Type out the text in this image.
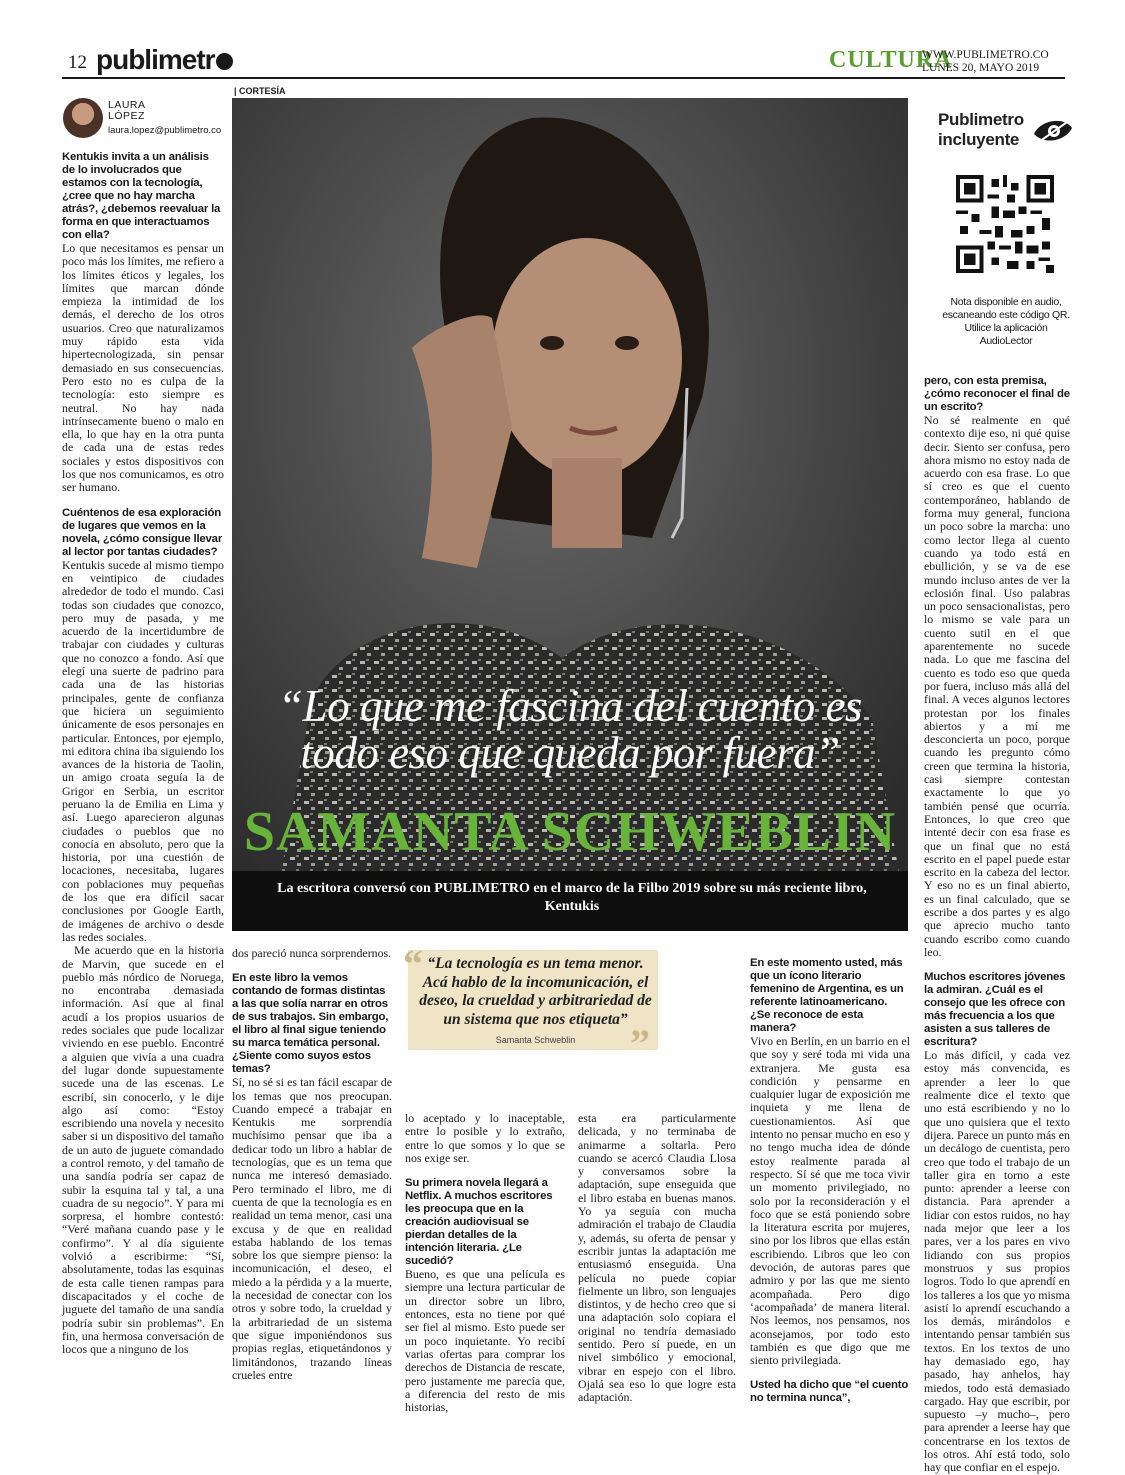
12 publimetr	CULTURA
WWW.PUBLIMETRO.CO
LUNES 20, MAYO 2019
LAURA
LÓPEZ
laura.lopez@publimetro.co

Kentukis invita a un análisis de lo involucrados que estamos con la tecnología, ¿cree que no hay marcha atrás?, ¿debemos reevaluar la forma en que interactuamos con ella?

Lo que necesitamos es pensar un poco más los límites, me refiero a los límites éticos y legales, los límites que marcan dónde empieza la intimidad de los demás, el derecho de los otros usuarios. Creo que naturalizamos muy rápido esta vida hipertecnologizada, sin pensar demasiado en sus consecuencias. Pero esto no es culpa de la tecnología: esto siempre es neutral. No hay nada intrínsecamente bueno o malo en ella, lo que hay en la otra punta de cada una de estas redes sociales y estos dispositivos con los que nos comunicamos, es otro ser humano.

Cuéntenos de esa exploración de lugares que vemos en la novela, ¿cómo consigue llevar al lector por tantas ciudades?

Kentukis sucede al mismo tiempo en veintipico de ciudades alrededor de todo el mundo. Casi todas son ciudades que conozco, pero muy de pasada, y me acuerdo de la incertidumbre de trabajar con ciudades y culturas que no conozco a fondo. Así que elegí una suerte de padrino para cada una de las historias principales, gente de confianza que hiciera un seguimiento únicamente de esos personajes en particular. Entonces, por ejemplo, mi editora china iba siguiendo los avances de la historia de Taolin, un amigo croata seguía la de Grigor en Serbia, un escritor peruano la de Emilia en Lima y así. Luego aparecieron algunas ciudades o pueblos que no conocía en absoluto, pero que la historia, por una cuestión de locaciones, necesitaba, lugares con poblaciones muy pequeñas de los que era difícil sacar conclusiones por Google Earth, de imágenes de archivo o desde las redes sociales.

Me acuerdo que en la historia de Marvin, que sucede en el pueblo más nórdico de Noruega, no encontraba demasiada información. Así que al final acudí a los propios usuarios de redes sociales que pude localizar viviendo en ese pueblo. Encontré a alguien que vivía a una cuadra del lugar donde supuestamente sucede una de las escenas. Le escribí, sin conocerlo, y le dije algo así como: “Estoy escribiendo una novela y necesito saber si un dispositivo del tamaño de un auto de juguete comandado a control remoto, y del tamaño de una sandía podría ser capaz de subir la esquina tal y tal, a una cuadra de su negocio”. Y para mi sorpresa, el hombre contestó: “Veré mañana cuando pase y le confirmo”. Y al día siguiente volvió a escribirme: “Sí, absolutamente, todas las esquinas de esta calle tienen rampas para discapacitados y el coche de juguete del tamaño de una sandía podría subir sin problemas”. En fin, una hermosa conversación de locos que a ninguno de los

| CORTESÍA
“Lo que me fascina del cuento es todo eso que queda por fuera”
SAMANTA SCHWEBLIN
La escritora conversó con PUBLIMETRO en el marco de la Filbo 2019 sobre su más reciente libro, Kentukis
Publimetro
incluyente
Nota disponible en audio, escaneando este código QR. Utilice la aplicación AudioLector

pero, con esta premisa, ¿cómo reconocer el final de un escrito?

No sé realmente en qué contexto dije eso, ni qué quise decir. Siento ser confusa, pero ahora mismo no estoy nada de acuerdo con esa frase. Lo que sí creo es que el cuento contemporáneo, hablando de forma muy general, funciona un poco sobre la marcha: uno como lector llega al cuento cuando ya todo está en ebullición, y se va de ese mundo incluso antes de ver la eclosión final. Uso palabras un poco sensacionalistas, pero lo mismo se vale para un cuento sutil en el que aparentemente no sucede nada. Lo que me fascina del cuento es todo eso que queda por fuera, incluso más allá del final. A veces algunos lectores protestan por los finales abiertos y a mí me desconcierta un poco, porque cuando les pregunto cómo creen que termina la historia, casi siempre contestan exactamente lo que yo también pensé que ocurría. Entonces, lo que creo que intenté decir con esa frase es que un final que no está escrito en el papel puede estar escrito en la cabeza del lector. Y eso no es un final abierto, es un final calculado, que se escribe a dos partes y es algo que aprecio mucho tanto cuando escribo como cuando leo.

Muchos escritores jóvenes la admiran. ¿Cuál es el consejo que les ofrece con más frecuencia a los que asisten a sus talleres de escritura?

Lo más difícil, y cada vez estoy más convencida, es aprender a leer lo que realmente dice el texto que uno está escribiendo y no lo que uno quisiera que el texto dijera. Parece un punto más en un decálogo de cuentista, pero creo que todo el trabajo de un taller gira en torno a este punto: aprender a leerse con distancia. Para aprender a lidiar con estos ruidos, no hay nada mejor que leer a los pares, ver a los pares en vivo lidiando con sus propios monstruos y sus propios logros. Todo lo que aprendí en los talleres a los que yo misma asistí lo aprendí escuchando a los demás, mirándolos e intentando pensar también sus textos. En los textos de uno hay demasiado ego, hay pasado, hay anhelos, hay miedos, todo está demasiado cargado. Hay que escribir, por supuesto –y mucho–, pero para aprender a leerse hay que concentrarse en los textos de los otros. Ahí está todo, solo hay que confiar en el espejo.

dos pareció nunca sorprendernos.

En este libro la vemos contando de formas distintas a las que solía narrar en otros de sus trabajos. Sin embargo, el libro al final sigue teniendo su marca temática personal. ¿Siente como suyos estos temas?

Sí, no sé si es tan fácil escapar de los temas que nos preocupan. Cuando empecé a trabajar en Kentukis me sorprendía muchísimo pensar que iba a dedicar todo un libro a hablar de tecnologías, que es un tema que nunca me interesó demasiado. Pero terminado el libro, me di cuenta de que la tecnología es en realidad un tema menor, casi una excusa y de que en realidad estaba hablando de los temas sobre los que siempre pienso: la incomunicación, el deseo, el miedo a la pérdida y a la muerte, la necesidad de conectar con los otros y sobre todo, la crueldad y la arbitrariedad de un sistema que sigue imponiéndonos sus propias reglas, etiquetándonos y limitándonos, trazando líneas crueles entre

“ “La tecnología es un tema menor. Acá hablo de la incomunicación, el deseo, la crueldad y arbitrariedad de un sistema que nos etiqueta”
Samanta Schweblin	”

lo aceptado y lo inaceptable, entre lo posible y lo extraño, entre lo que somos y lo que se nos exige ser.

Su primera novela llegará a Netflix. A muchos escritores les preocupa que en la creación audiovisual se pierdan detalles de la intención literaria. ¿Le sucedió?

Bueno, es que una película es siempre una lectura particular de un director sobre un libro, entonces, esta no tiene por qué ser fiel al mismo. Esto puede ser un poco inquietante. Yo recibí varias ofertas para comprar los derechos de Distancia de rescate, pero justamente me parecía que, a diferencia del resto de mis historias,

esta era particularmente delicada, y no terminaba de animarme a soltarla. Pero cuando se acercó Claudia Llosa y conversamos sobre la adaptación, supe enseguida que el libro estaba en buenas manos. Yo ya seguía con mucha admiración el trabajo de Claudia y, además, su oferta de pensar y escribir juntas la adaptación me entusiasmó enseguida. Una película no puede copiar fielmente un libro, son lenguajes distintos, y de hecho creo que si una adaptación solo copiara el original no tendría demasiado sentido. Pero sí puede, en un nivel simbólico y emocional, vibrar en espejo con el libro. Ojalá sea eso lo que logre esta adaptación.

En este momento usted, más que un ícono literario femenino de Argentina, es un referente latinoamericano. ¿Se reconoce de esta manera?

Vivo en Berlín, en un barrio en el que soy y seré toda mi vida una extranjera. Me gusta esa condición y pensarme en cualquier lugar de exposición me inquieta y me llena de cuestionamientos. Así que intento no pensar mucho en eso y no tengo mucha idea de dónde estoy realmente parada al respecto. Sí sé que me toca vivir un momento privilegiado, no solo por la reconsideración y el foco que se está poniendo sobre la literatura escrita por mujeres, sino por los libros que ellas están escribiendo. Libros que leo con devoción, de autoras pares que admiro y por las que me siento acompañada. Pero digo ‘acompañada’ de manera literal. Nos leemos, nos pensamos, nos aconsejamos, por todo esto también es que digo que me siento privilegiada.

Usted ha dicho que “el cuento no termina nunca”,
